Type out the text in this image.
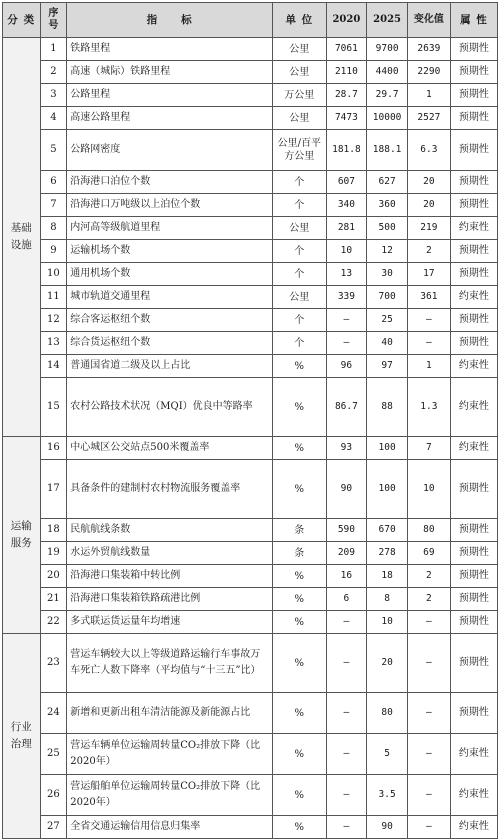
分 类	序号	指　　标	单 位	2020	2025	变化值	属 性
基础设施	1	铁路里程	公里	7061	9700	2639	预期性
	2	高速（城际）铁路里程	公里	2110	4400	2290	预期性
	3	公路里程	万公里	28.7	29.7	1	预期性
	4	高速公路里程	公里	7473	10000	2527	预期性
	5	公路网密度	公里/百平方公里	181.8	188.1	6.3	预期性
	6	沿海港口泊位个数	个	607	627	20	预期性
	7	沿海港口万吨级以上泊位个数	个	340	360	20	预期性
	8	内河高等级航道里程	公里	281	500	219	约束性
	9	运输机场个数	个	10	12	2	预期性
	10	通用机场个数	个	13	30	17	预期性
	11	城市轨道交通里程	公里	339	700	361	约束性
	12	综合客运枢纽个数	个	—	25	—	预期性
	13	综合货运枢纽个数	个	—	40	—	预期性
	14	普通国省道二级及以上占比	%	96	97	1	约束性
	15	农村公路技术状况（MQI）优良中等路率	%	86.7	88	1.3	约束性
运输服务	16	中心城区公交站点500米覆盖率	%	93	100	7	约束性
	17	具备条件的建制村农村物流服务覆盖率	%	90	100	10	预期性
	18	民航航线条数	条	590	670	80	预期性
	19	水运外贸航线数量	条	209	278	69	预期性
	20	沿海港口集装箱中转比例	%	16	18	2	预期性
	21	沿海港口集装箱铁路疏港比例	%	6	8	2	预期性
	22	多式联运货运量年均增速	%	—	10	—	预期性
行业治理	23	营运车辆较大以上等级道路运输行车事故万车死亡人数下降率（平均值与“十三五”比）	%	—	20	—	预期性
	24	新增和更新出租车清洁能源及新能源占比	%	—	80	—	预期性
	25	营运车辆单位运输周转量CO₂排放下降（比2020年）	%	—	5	—	约束性
	26	营运船舶单位运输周转量CO₂排放下降（比2020年）	%	—	3.5	—	约束性
	27	全省交通运输信用信息归集率	%	—	90	—	约束性
